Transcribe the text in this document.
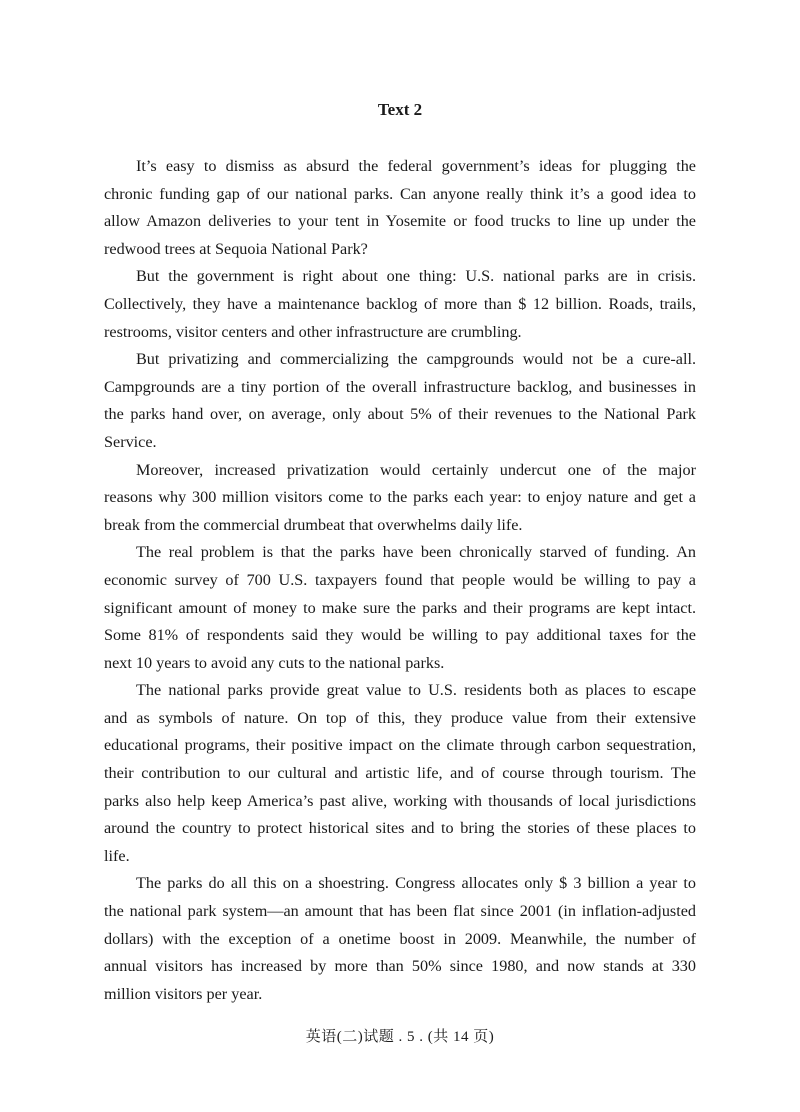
Text 2
It’s easy to dismiss as absurd the federal government’s ideas for plugging the
chronic funding gap of our national parks. Can anyone really think it’s a good idea to
allow Amazon deliveries to your tent in Yosemite or food trucks to line up under the
redwood trees at Sequoia National Park?
But the government is right about one thing: U.S. national parks are in crisis.
Collectively, they have a maintenance backlog of more than $ 12 billion. Roads, trails,
restrooms, visitor centers and other infrastructure are crumbling.
But privatizing and commercializing the campgrounds would not be a cure-all.
Campgrounds are a tiny portion of the overall infrastructure backlog, and businesses in
the parks hand over, on average, only about 5% of their revenues to the National Park
Service.
Moreover, increased privatization would certainly undercut one of the major
reasons why 300 million visitors come to the parks each year: to enjoy nature and get a
break from the commercial drumbeat that overwhelms daily life.
The real problem is that the parks have been chronically starved of funding. An
economic survey of 700 U.S. taxpayers found that people would be willing to pay a
significant amount of money to make sure the parks and their programs are kept intact.
Some 81% of respondents said they would be willing to pay additional taxes for the
next 10 years to avoid any cuts to the national parks.
The national parks provide great value to U.S. residents both as places to escape
and as symbols of nature. On top of this, they produce value from their extensive
educational programs, their positive impact on the climate through carbon sequestration,
their contribution to our cultural and artistic life, and of course through tourism. The
parks also help keep America’s past alive, working with thousands of local jurisdictions
around the country to protect historical sites and to bring the stories of these places to
life.
The parks do all this on a shoestring. Congress allocates only $ 3 billion a year to
the national park system—an amount that has been flat since 2001 (in inflation-adjusted
dollars) with the exception of a onetime boost in 2009. Meanwhile, the number of
annual visitors has increased by more than 50% since 1980, and now stands at 330
million visitors per year.
英语(二)试题 . 5 . (共 14 页)
